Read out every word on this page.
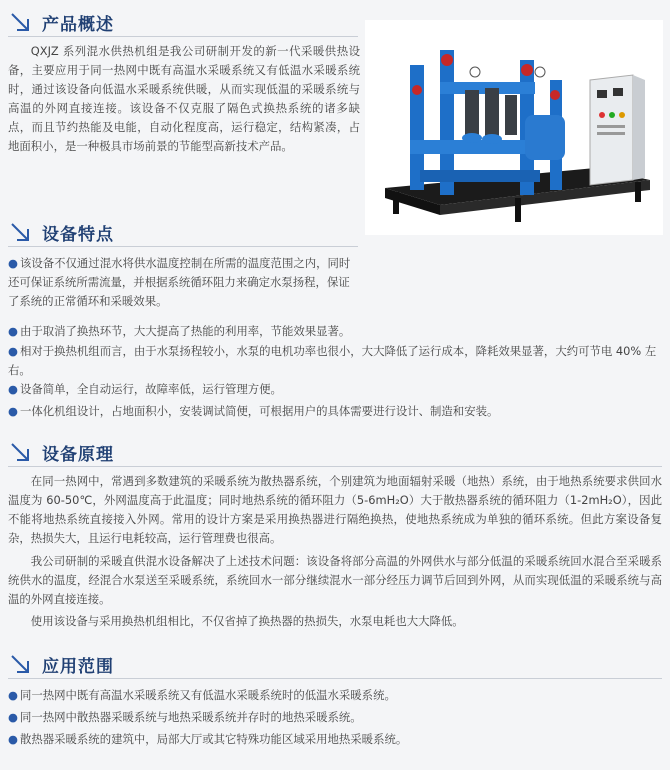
产品概述

QXJZ 系列混水供热机组是我公司研制开发的新一代采暖供热设备，主要应用于同一热网中既有高温水采暖系统又有低温水采暖系统时，通过该设备向低温水采暖系统供暖，从而实现低温的采暖系统与高温的外网直接连接。该设备不仅克服了隔色式换热系统的诸多缺点，而且节约热能及电能，自动化程度高，运行稳定，结构紧凑，占地面积小，是一种极具市场前景的节能型高新技术产品。

设备特点

● 该设备不仅通过混水将供水温度控制在所需的温度范围之内，同时还可保证系统所需流量，并根据系统循环阻力来确定水泵扬程，保证了系统的正常循环和采暖效果。

● 由于取消了换热环节，大大提高了热能的利用率，节能效果显著。

● 相对于换热机组而言，由于水泵扬程较小，水泵的电机功率也很小，大大降低了运行成本，降耗效果显著，大约可节电 40% 左右。

● 设备简单，全自动运行，故障率低，运行管理方便。

● 一体化机组设计，占地面积小，安装调试简便，可根据用户的具体需要进行设计、制造和安装。

设备原理

在同一热网中，常遇到多数建筑的采暖系统为散热器系统，个别建筑为地面辐射采暖（地热）系统，由于地热系统要求供回水温度为 60-50℃，外网温度高于此温度；同时地热系统的循环阻力（5-6mH₂O）大于散热器系统的循环阻力（1-2mH₂O），因此不能将地热系统直接接入外网。常用的设计方案是采用换热器进行隔绝换热，使地热系统成为单独的循环系统。但此方案设备复杂，热损失大，且运行电耗较高，运行管理费也很高。

我公司研制的采暖直供混水设备解决了上述技术问题：该设备将部分高温的外网供水与部分低温的采暖系统回水混合至采暖系统供水的温度，经混合水泵送至采暖系统，系统回水一部分继续混水一部分经压力调节后回到外网，从而实现低温的采暖系统与高温的外网直接连接。

使用该设备与采用换热机组相比，不仅省掉了换热器的热损失，水泵电耗也大大降低。

应用范围

● 同一热网中既有高温水采暖系统又有低温水采暖系统时的低温水采暖系统。

● 同一热网中散热器采暖系统与地热采暖系统并存时的地热采暖系统。

● 散热器采暖系统的建筑中，局部大厅或其它特殊功能区域采用地热采暖系统。
